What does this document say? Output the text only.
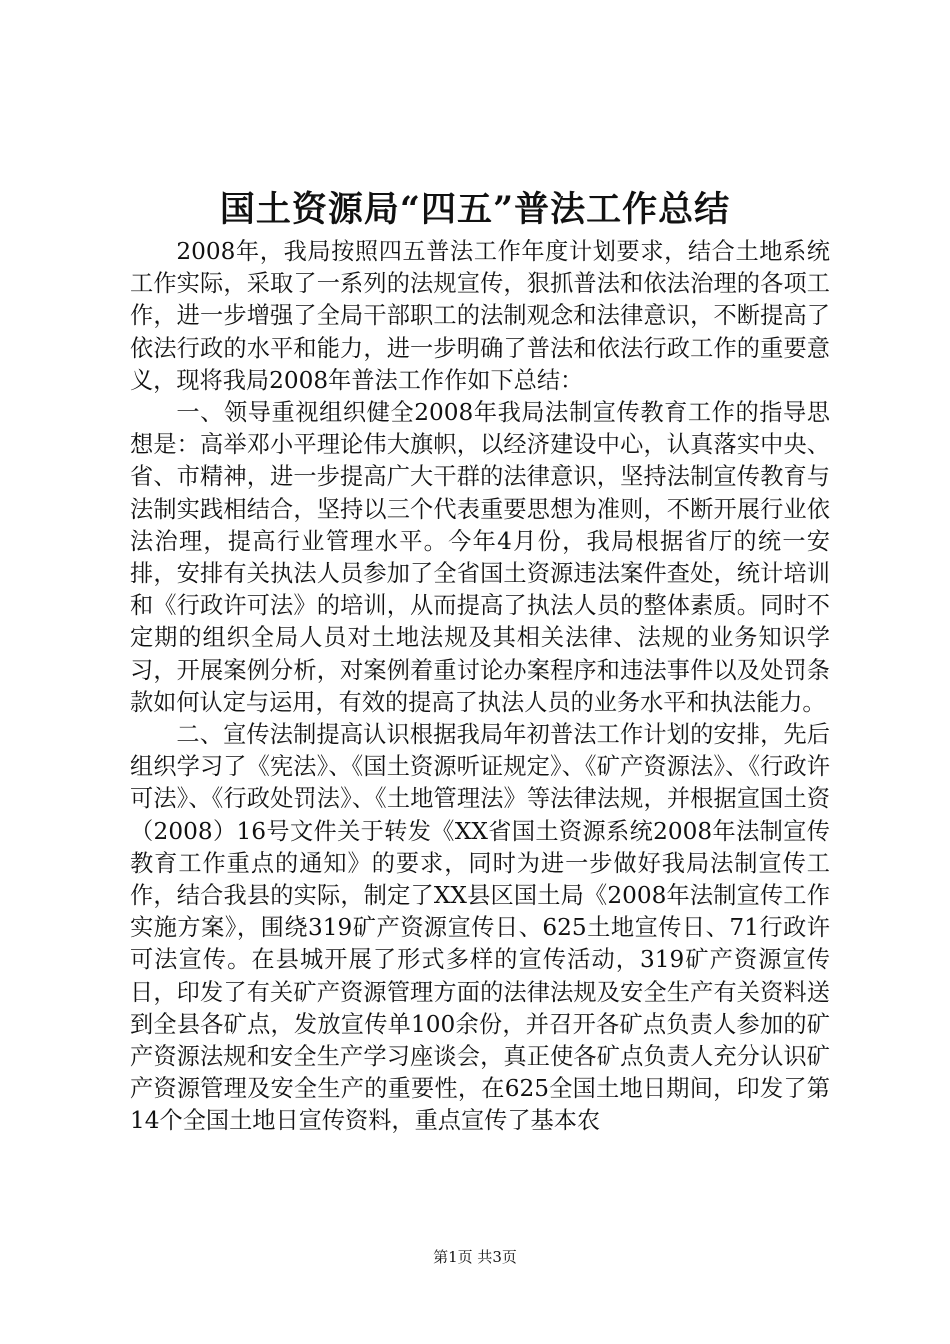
国土资源局“四五”普法工作总结

2008年，我局按照四五普法工作年度计划要求，结合土地系统工作实际，采取了一系列的法规宣传，狠抓普法和依法治理的各项工作，进一步增强了全局干部职工的法制观念和法律意识，不断提高了依法行政的水平和能力，进一步明确了普法和依法行政工作的重要意义，现将我局2008年普法工作作如下总结：

一、领导重视组织健全2008年我局法制宣传教育工作的指导思想是：高举邓小平理论伟大旗帜，以经济建设中心，认真落实中央、省、市精神，进一步提高广大干群的法律意识，坚持法制宣传教育与法制实践相结合，坚持以三个代表重要思想为准则，不断开展行业依法治理，提高行业管理水平。今年4月份，我局根据省厅的统一安排，安排有关执法人员参加了全省国土资源违法案件查处，统计培训和《行政许可法》的培训，从而提高了执法人员的整体素质。同时不定期的组织全局人员对土地法规及其相关法律、法规的业务知识学习，开展案例分析，对案例着重讨论办案程序和违法事件以及处罚条款如何认定与运用，有效的提高了执法人员的业务水平和执法能力。

二、宣传法制提高认识根据我局年初普法工作计划的安排，先后组织学习了《宪法》、《国土资源听证规定》、《矿产资源法》、《行政许可法》、《行政处罚法》、《土地管理法》等法律法规，并根据宣国土资（2008）16号文件关于转发《XX省国土资源系统2008年法制宣传教育工作重点的通知》的要求，同时为进一步做好我局法制宣传工作，结合我县的实际，制定了XX县区国土局《2008年法制宣传工作实施方案》，围绕319矿产资源宣传日、625土地宣传日、71行政许可法宣传。在县城开展了形式多样的宣传活动，319矿产资源宣传日，印发了有关矿产资源管理方面的法律法规及安全生产有关资料送到全县各矿点，发放宣传单100余份，并召开各矿点负责人参加的矿产资源法规和安全生产学习座谈会，真正使各矿点负责人充分认识矿产资源管理及安全生产的重要性，在625全国土地日期间，印发了第14个全国土地日宣传资料，重点宣传了基本农

第1页 共3页
